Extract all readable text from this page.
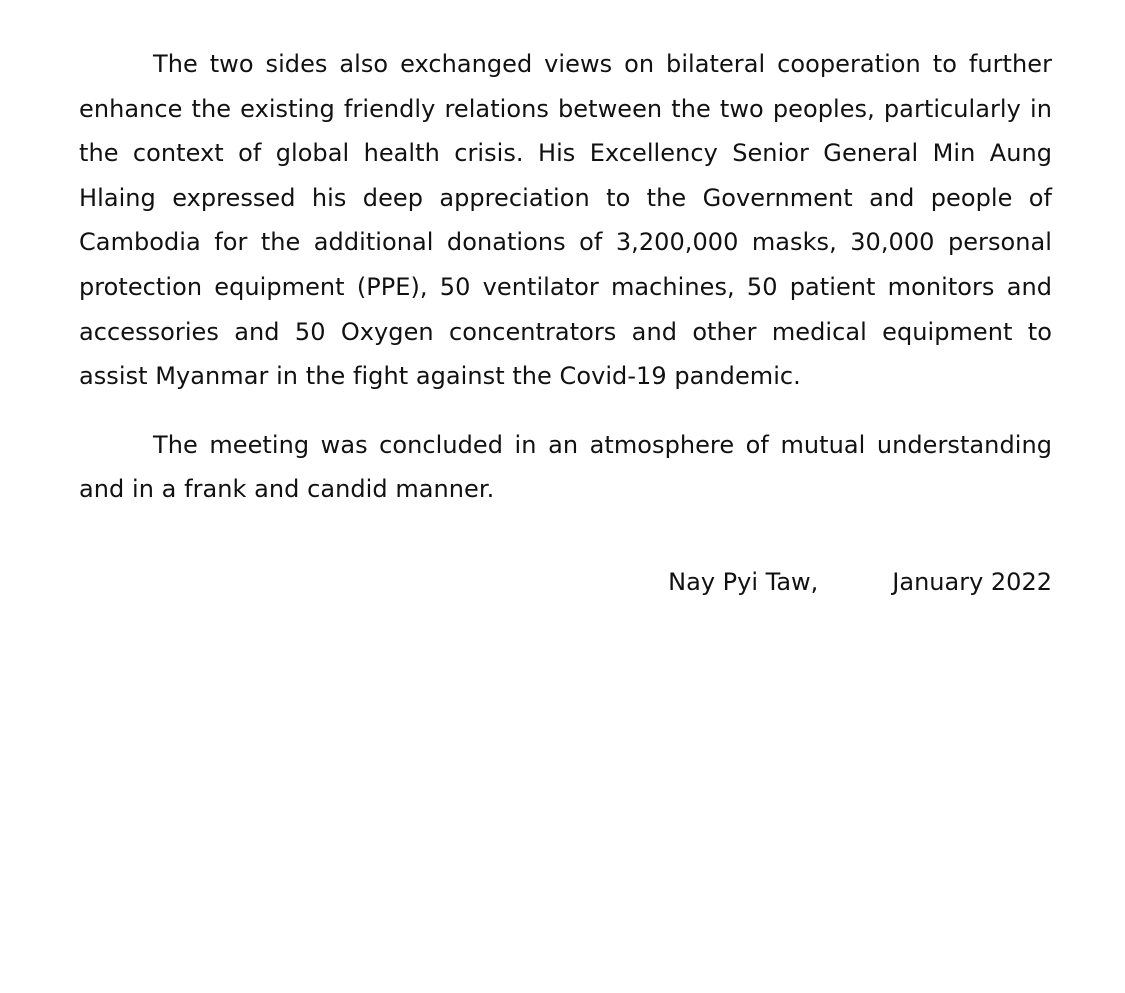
The two sides also exchanged views on bilateral cooperation to further enhance the existing friendly relations between the two peoples, particularly in the context of global health crisis. His Excellency Senior General Min Aung Hlaing expressed his deep appreciation to the Government and people of Cambodia for the additional donations of 3,200,000 masks, 30,000 personal protection equipment (PPE), 50 ventilator machines, 50 patient monitors and accessories and 50 Oxygen concentrators and other medical equipment to assist Myanmar in the fight against the Covid-19 pandemic.

The meeting was concluded in an atmosphere of mutual understanding and in a frank and candid manner.

Nay Pyi Taw,	January 2022
